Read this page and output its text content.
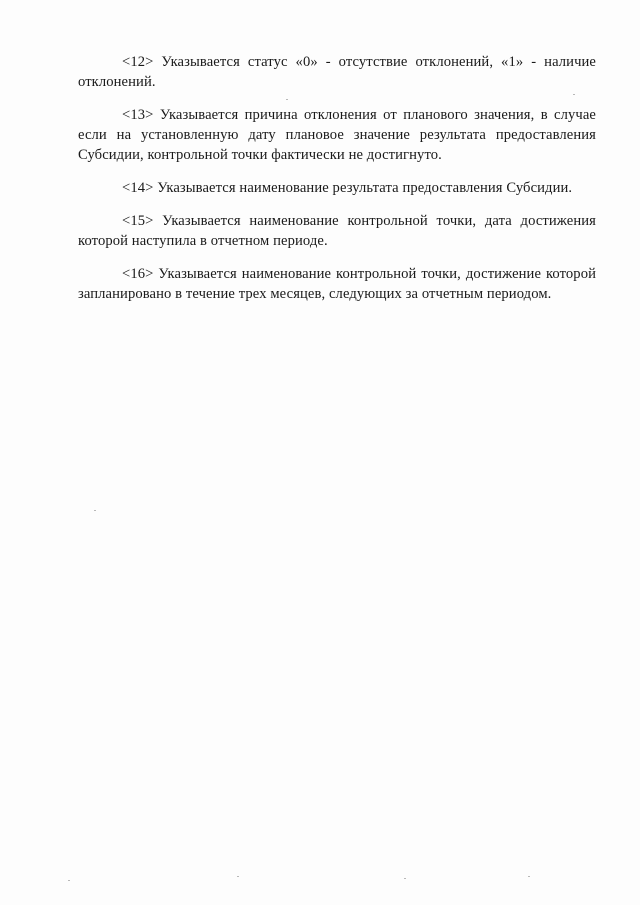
<12> Указывается статус «0» - отсутствие отклонений, «1» - наличие отклонений.

<13> Указывается причина отклонения от планового значения, в случае если на установленную дату плановое значение результата предоставления Субсидии, контрольной точки фактически не достигнуто.

<14> Указывается наименование результата предоставления Субсидии.

<15> Указывается наименование контрольной точки, дата достижения которой наступила в отчетном периоде.

<16> Указывается наименование контрольной точки, достижение которой запланировано в течение трех месяцев, следующих за отчетным периодом.
